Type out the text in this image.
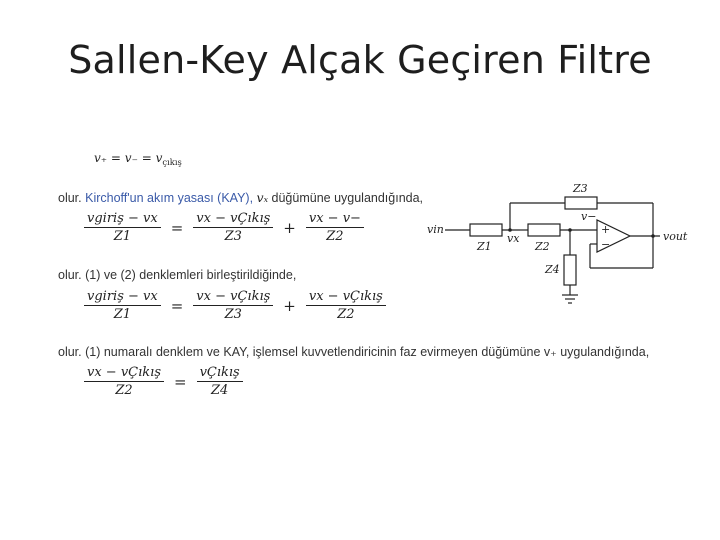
Sallen-Key Alçak Geçiren Filtre
$v_+ = v_- = v_{çıkış}$
olur. Kirchoff'un akım yasası (KAY), vₓ düğümüne uygulandığında,
$\frac{\text{vgiriş − vx}}{Z1} = \frac{\text{vx − vÇıkış}}{Z3} + \frac{vx - v-}{Z2}$
olur. (1) ve (2) denklemleri birleştirildiğinde,
$\frac{\text{vgiriş − vx}}{Z1} = \frac{\text{vx − vÇıkış}}{Z3} + \frac{\text{vx − vÇıkış}}{Z2}$
olur. (1) numaralı denklem ve KAY, işlemsel kuvvetlendiricinin faz evirmeyen düğümüne v₊ uygulandığında,
$\frac{\text{vx − vÇıkış}}{Z2} = \frac{\text{vÇıkış}}{Z4}$
vin
Z1
vx
Z2
Z3
Z4
v−
+
−
vout
